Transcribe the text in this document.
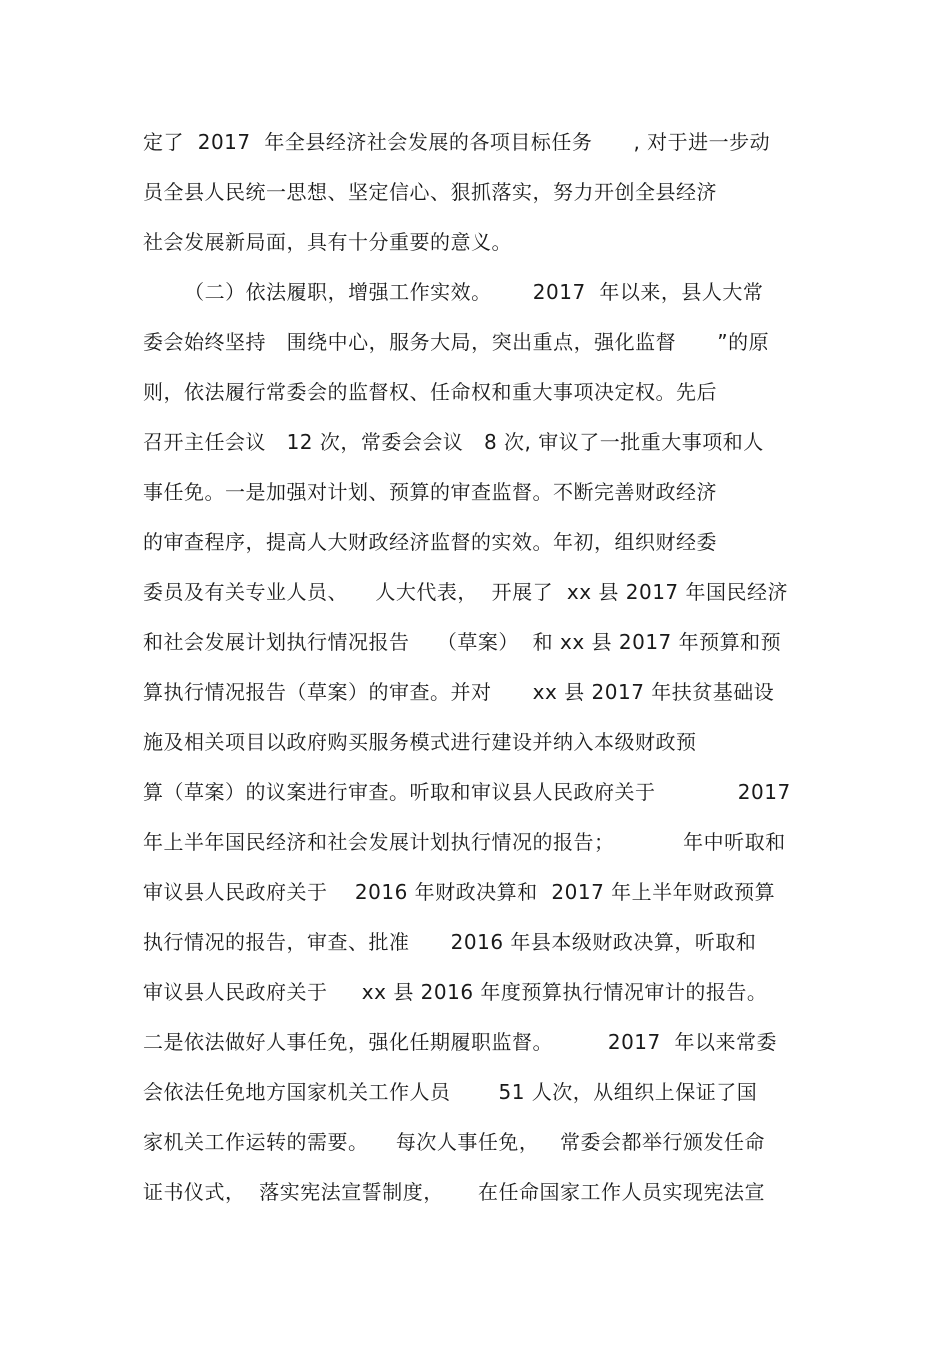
定了  2017  年全县经济社会发展的各项目标任务      , 对于进一步动
员全县人民统一思想、坚定信心、狠抓落实，努力开创全县经济
社会发展新局面，具有十分重要的意义。
（二）依法履职，增强工作实效。      2017  年以来，县人大常
委会始终坚持   围绕中心，服务大局，突出重点，强化监督      ”的原
则，依法履行常委会的监督权、任命权和重大事项决定权。先后
召开主任会议   12 次，常委会会议   8 次, 审议了一批重大事项和人
事任免。一是加强对计划、预算的审查监督。不断完善财政经济
的审查程序，提高人大财政经济监督的实效。年初，组织财经委
委员及有关专业人员、    人大代表，  开展了  xx 县 2017 年国民经济
和社会发展计划执行情况报告    （草案）  和 xx 县 2017 年预算和预
算执行情况报告（草案）的审查。并对      xx 县 2017 年扶贫基础设
施及相关项目以政府购买服务模式进行建设并纳入本级财政预
算（草案）的议案进行审查。听取和审议县人民政府关于            2017
年上半年国民经济和社会发展计划执行情况的报告；          年中听取和
审议县人民政府关于    2016 年财政决算和  2017 年上半年财政预算
执行情况的报告，审查、批准      2016 年县本级财政决算，听取和
审议县人民政府关于     xx 县 2016 年度预算执行情况审计的报告。
二是依法做好人事任免，强化任期履职监督。        2017  年以来常委
会依法任免地方国家机关工作人员       51 人次，从组织上保证了国
家机关工作运转的需要。    每次人事任免，   常委会都举行颁发任命
证书仪式，  落实宪法宣誓制度，     在任命国家工作人员实现宪法宣
